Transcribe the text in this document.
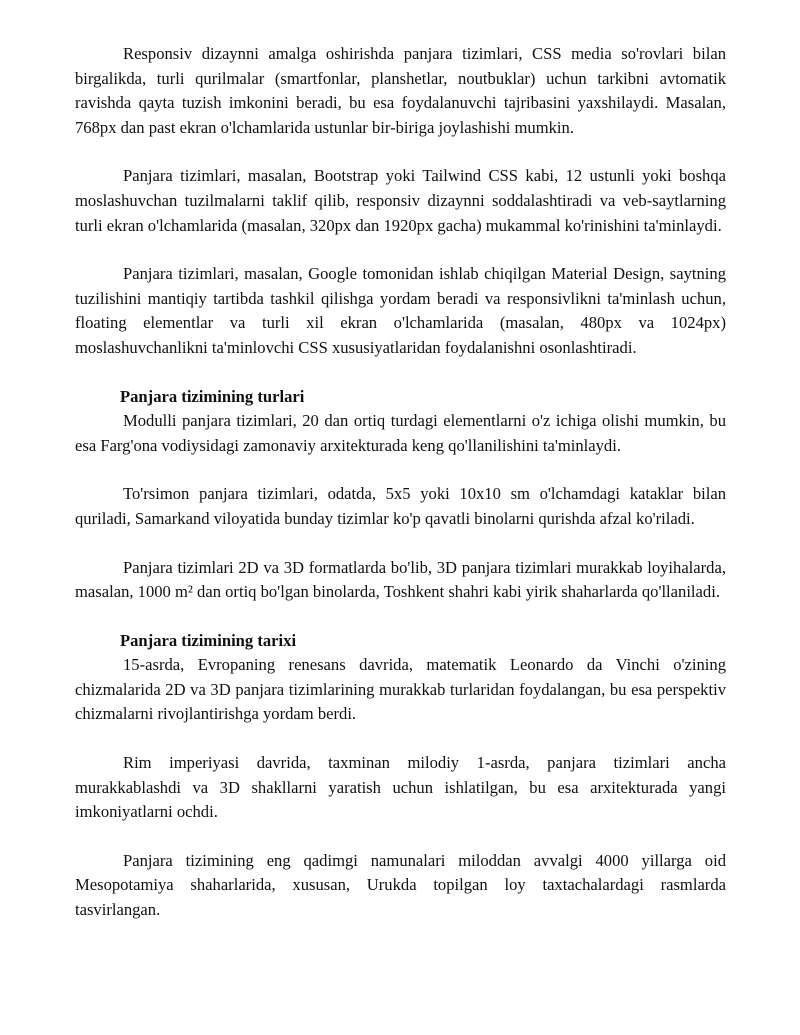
Responsiv dizaynni amalga oshirishda panjara tizimlari, CSS media so'rovlari bilan birgalikda, turli qurilmalar (smartfonlar, planshetlar, noutbuklar) uchun tarkibni avtomatik ravishda qayta tuzish imkonini beradi, bu esa foydalanuvchi tajribasini yaxshilaydi. Masalan, 768px dan past ekran o'lchamlarida ustunlar bir-biriga joylashishi mumkin.

Panjara tizimlari, masalan, Bootstrap yoki Tailwind CSS kabi, 12 ustunli yoki boshqa moslashuvchan tuzilmalarni taklif qilib, responsiv dizaynni soddalashtiradi va veb-saytlarning turli ekran o'lchamlarida (masalan, 320px dan 1920px gacha) mukammal ko'rinishini ta'minlaydi.

Panjara tizimlari, masalan, Google tomonidan ishlab chiqilgan Material Design, saytning tuzilishini mantiqiy tartibda tashkil qilishga yordam beradi va responsivlikni ta'minlash uchun, floating elementlar va turli xil ekran o'lchamlarida (masalan, 480px va 1024px) moslashuvchanlikni ta'minlovchi CSS xususiyatlaridan foydalanishni osonlashtiradi.

Panjara tizimining turlari

Modulli panjara tizimlari, 20 dan ortiq turdagi elementlarni o'z ichiga olishi mumkin, bu esa Farg'ona vodiysidagi zamonaviy arxitekturada keng qo'llanilishini ta'minlaydi.

To'rsimon panjara tizimlari, odatda, 5x5 yoki 10x10 sm o'lchamdagi kataklar bilan quriladi, Samarkand viloyatida bunday tizimlar ko'p qavatli binolarni qurishda afzal ko'riladi.

Panjara tizimlari 2D va 3D formatlarda bo'lib, 3D panjara tizimlari murakkab loyihalarda, masalan, 1000 m² dan ortiq bo'lgan binolarda, Toshkent shahri kabi yirik shaharlarda qo'llaniladi.

Panjara tizimining tarixi

15-asrda, Evropaning renesans davrida, matematik Leonardo da Vinchi o'zining chizmalarida 2D va 3D panjara tizimlarining murakkab turlaridan foydalangan, bu esa perspektiv chizmalarni rivojlantirishga yordam berdi.

Rim imperiyasi davrida, taxminan milodiy 1-asrda, panjara tizimlari ancha murakkablashdi va 3D shakllarni yaratish uchun ishlatilgan, bu esa arxitekturada yangi imkoniyatlarni ochdi.

Panjara tizimining eng qadimgi namunalari miloddan avvalgi 4000 yillarga oid Mesopotamiya shaharlarida, xususan, Urukda topilgan loy taxtachalardagi rasmlarda tasvirlangan.
